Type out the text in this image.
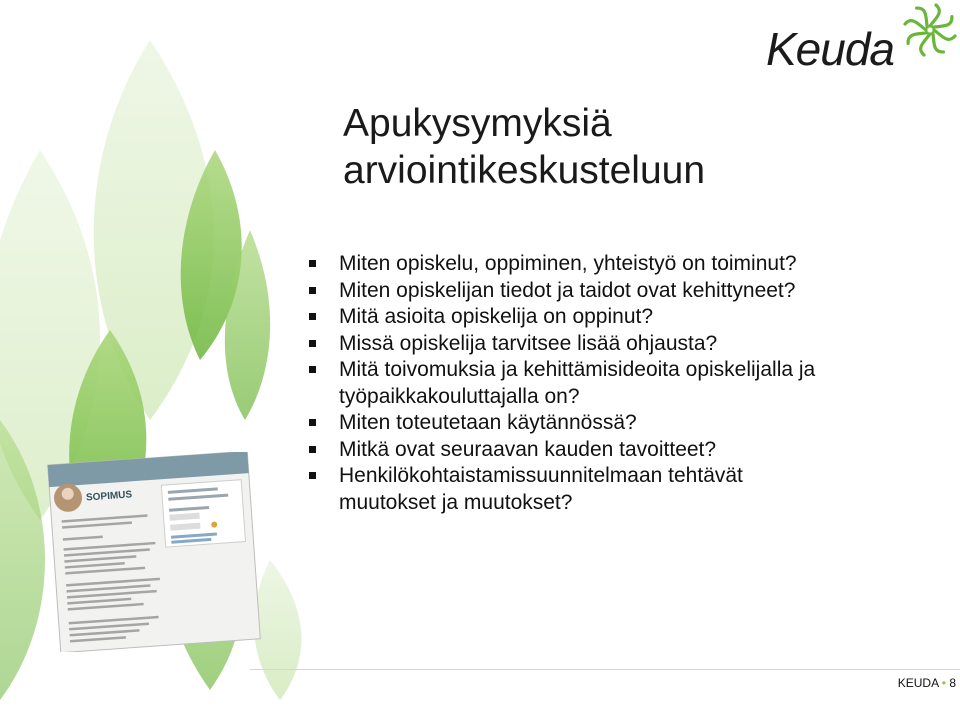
Keuda
Apukysymyksiä arviointikeskusteluun
Miten opiskelu, oppiminen, yhteistyö on toiminut?
Miten opiskelijan tiedot ja taidot ovat kehittyneet?
Mitä asioita opiskelija on oppinut?
Missä opiskelija tarvitsee lisää ohjausta?
Mitä toivomuksia ja kehittämisideoita opiskelijalla ja työpaikkakouluttajalla on?
Miten toteutetaan käytännössä?
Mitkä ovat seuraavan kauden tavoitteet?
Henkilökohtaistamissuunnitelmaan tehtävät muutokset ja muutokset?
SOPIMUS
KEUDA • 8
